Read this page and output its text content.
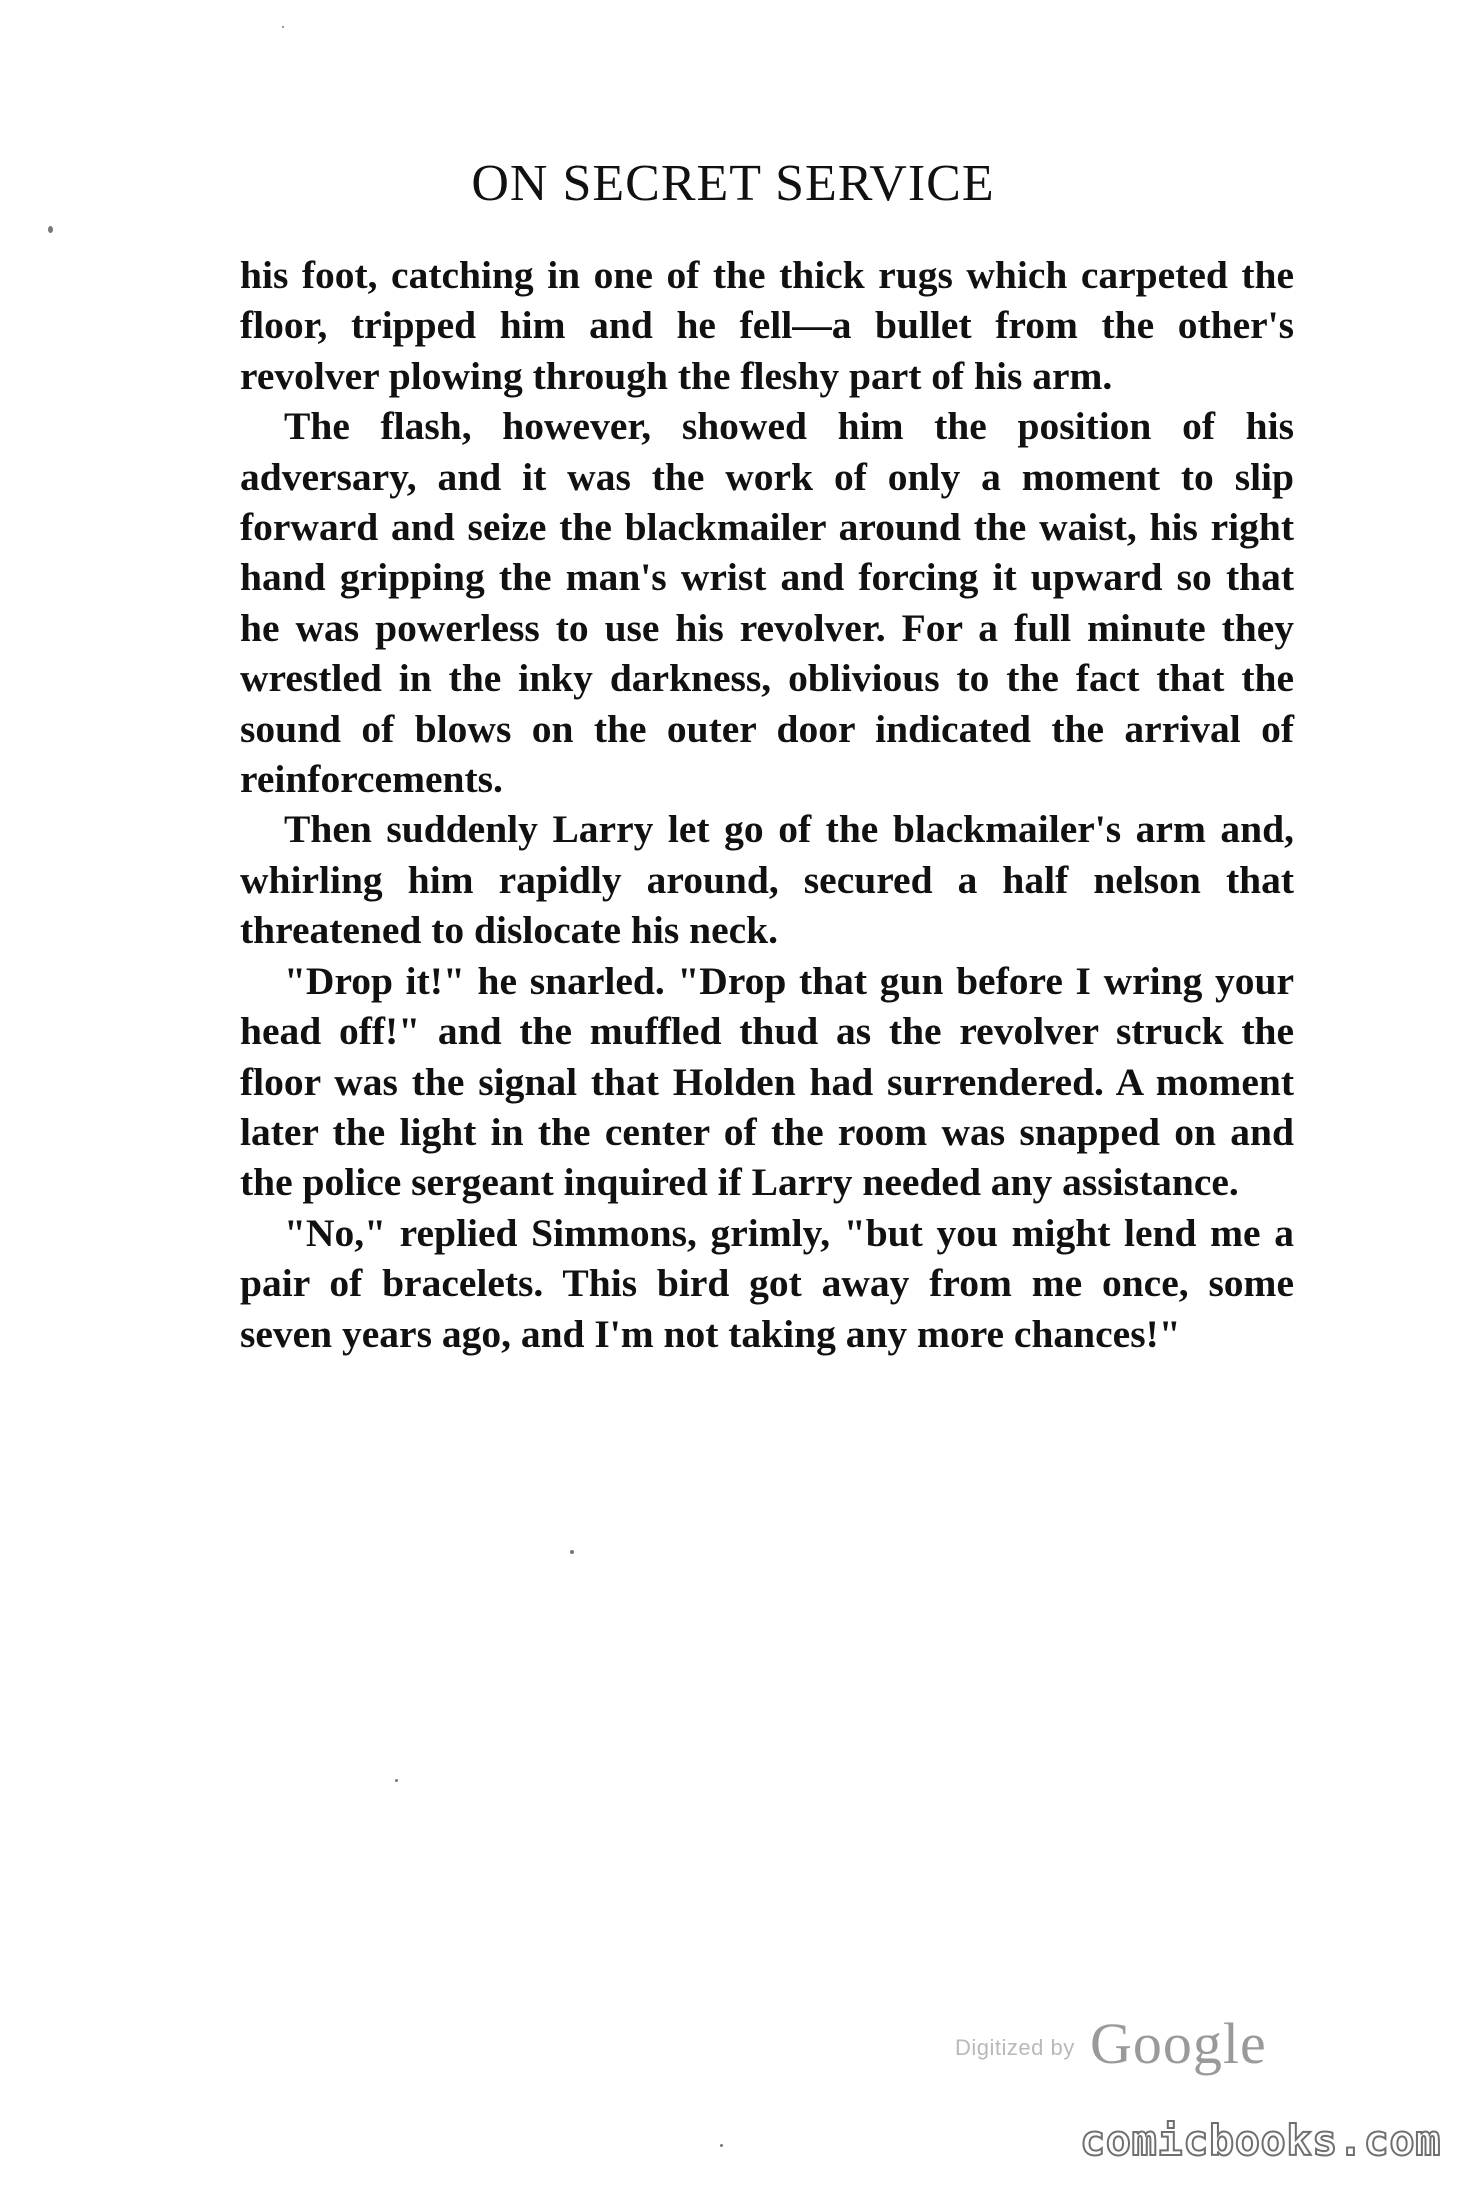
ON SECRET SERVICE

his foot, catching in one of the thick rugs which carpeted the floor, tripped him and he fell—a bullet from the other's revolver plowing through the fleshy part of his arm.

The flash, however, showed him the position of his adversary, and it was the work of only a moment to slip forward and seize the blackmailer around the waist, his right hand gripping the man's wrist and forcing it upward so that he was powerless to use his revolver. For a full minute they wrestled in the inky darkness, oblivious to the fact that the sound of blows on the outer door indicated the arrival of reinforcements.

Then suddenly Larry let go of the blackmailer's arm and, whirling him rapidly around, secured a half nelson that threatened to dislocate his neck.

"Drop it!" he snarled. "Drop that gun before I wring your head off!" and the muffled thud as the revolver struck the floor was the signal that Holden had surrendered. A moment later the light in the center of the room was snapped on and the police sergeant inquired if Larry needed any assistance.

"No," replied Simmons, grimly, "but you might lend me a pair of bracelets. This bird got away from me once, some seven years ago, and I'm not taking any more chances!"

Digitized by Google
comicbooks.com
